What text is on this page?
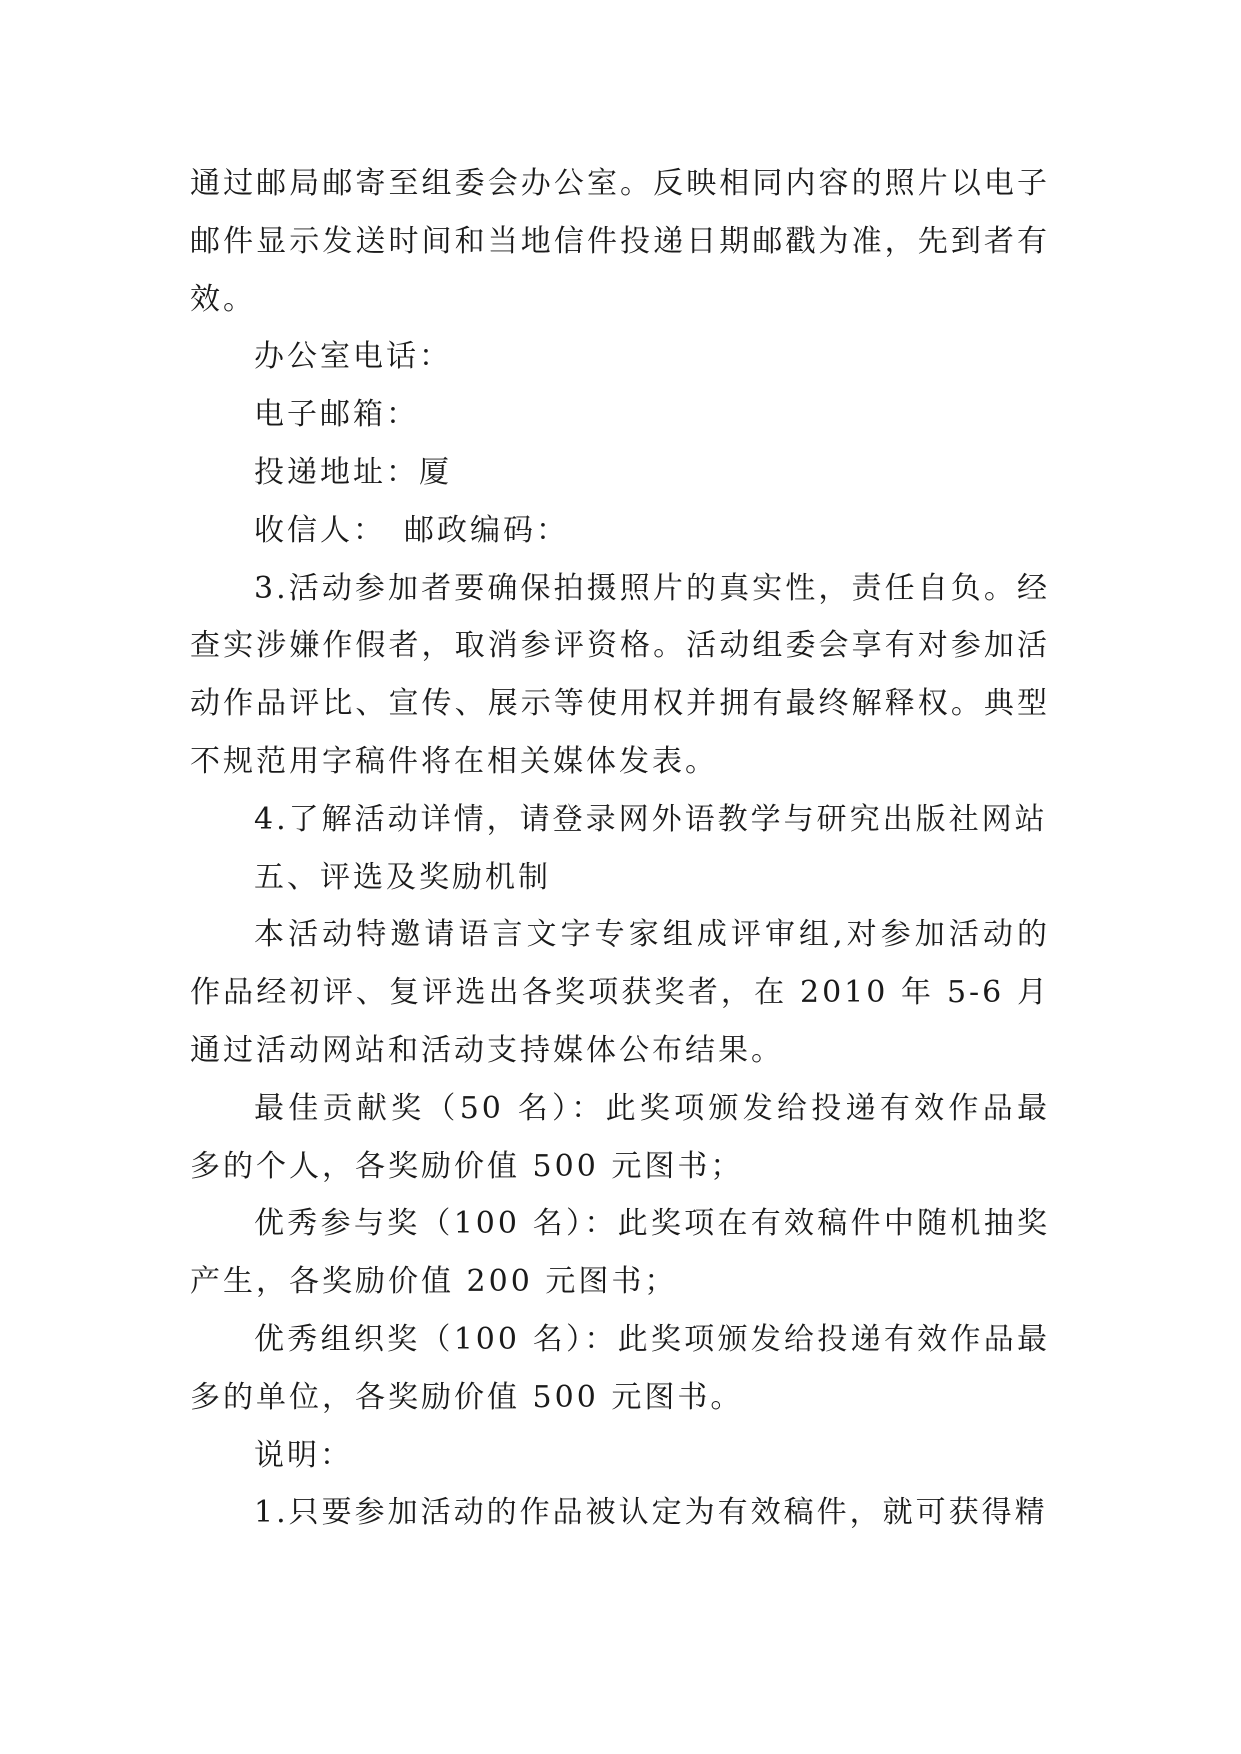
通过邮局邮寄至组委会办公室。反映相同内容的照片以电子邮件显示发送时间和当地信件投递日期邮戳为准，先到者有效。

办公室电话：

电子邮箱：

投递地址：厦

收信人：　邮政编码：

3.活动参加者要确保拍摄照片的真实性，责任自负。经查实涉嫌作假者，取消参评资格。活动组委会享有对参加活动作品评比、宣传、展示等使用权并拥有最终解释权。典型不规范用字稿件将在相关媒体发表。

4.了解活动详情，请登录网外语教学与研究出版社网站

五、评选及奖励机制

本活动特邀请语言文字专家组成评审组,对参加活动的作品经初评、复评选出各奖项获奖者，在 2010 年 5-6 月通过活动网站和活动支持媒体公布结果。

最佳贡献奖（50 名）：此奖项颁发给投递有效作品最多的个人，各奖励价值 500 元图书；

优秀参与奖（100 名）：此奖项在有效稿件中随机抽奖产生，各奖励价值 200 元图书；

优秀组织奖（100 名）：此奖项颁发给投递有效作品最多的单位，各奖励价值 500 元图书。

说明：

1.只要参加活动的作品被认定为有效稿件，就可获得精
